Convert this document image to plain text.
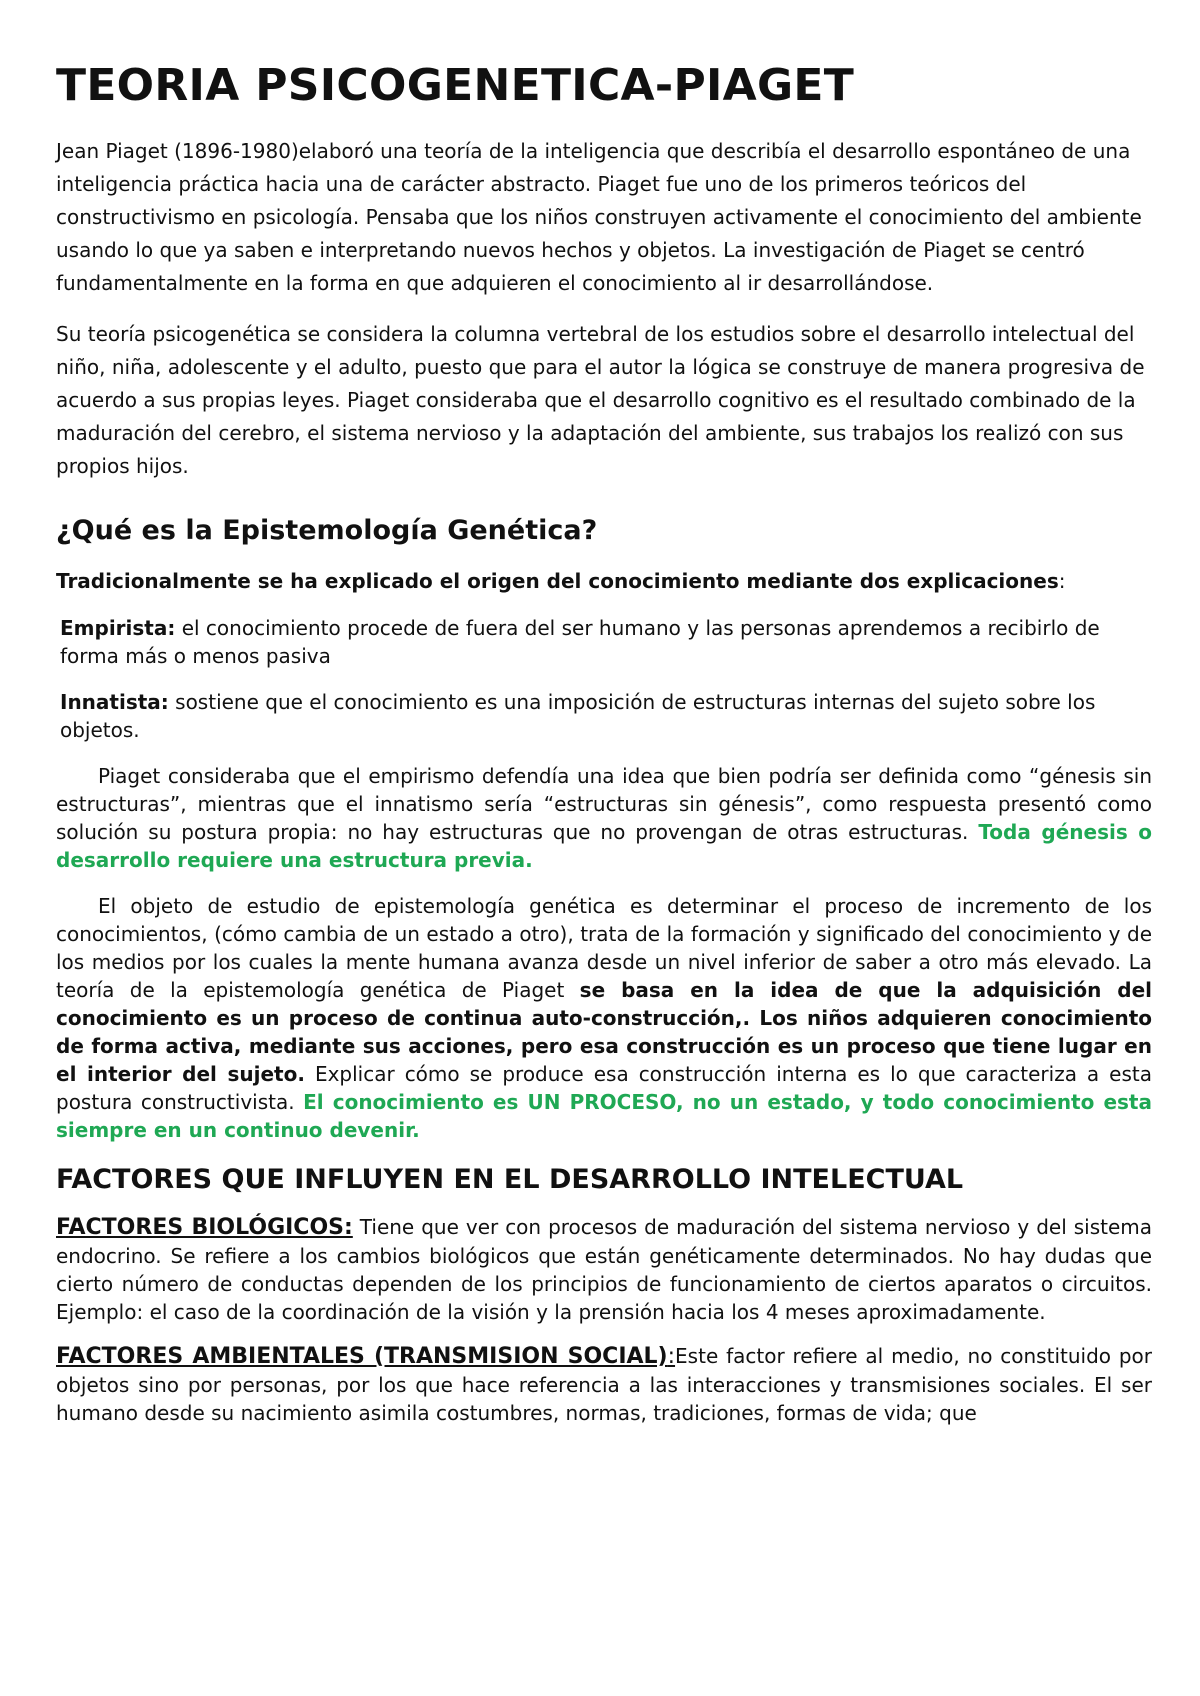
TEORIA PSICOGENETICA-PIAGET

Jean Piaget (1896-1980)elaboró una teoría de la inteligencia que describía el desarrollo espontáneo de una inteligencia práctica hacia una de carácter abstracto. Piaget fue uno de los primeros teóricos del constructivismo en psicología. Pensaba que los niños construyen activamente el conocimiento del ambiente usando lo que ya saben e interpretando nuevos hechos y objetos. La investigación de Piaget se centró fundamentalmente en la forma en que adquieren el conocimiento al ir desarrollándose.

Su teoría psicogenética se considera la columna vertebral de los estudios sobre el desarrollo intelectual del niño, niña, adolescente y el adulto, puesto que para el autor la lógica se construye de manera progresiva de acuerdo a sus propias leyes. Piaget consideraba que el desarrollo cognitivo es el resultado combinado de la maduración del cerebro, el sistema nervioso y la adaptación del ambiente, sus trabajos los realizó con sus propios hijos.

¿Qué es la Epistemología Genética?

Tradicionalmente se ha explicado el origen del conocimiento mediante dos explicaciones:

Empirista: el conocimiento procede de fuera del ser humano y las personas aprendemos a recibirlo de forma más o menos pasiva

Innatista: sostiene que el conocimiento es una imposición de estructuras internas del sujeto sobre los objetos.

Piaget consideraba que el empirismo defendía una idea que bien podría ser definida como “génesis sin estructuras”, mientras que el innatismo sería “estructuras sin génesis”, como respuesta presentó como solución su postura propia: no hay estructuras que no provengan de otras estructuras. Toda génesis o desarrollo requiere una estructura previa.

El objeto de estudio de epistemología genética es determinar el proceso de incremento de los conocimientos, (cómo cambia de un estado a otro), trata de la formación y significado del conocimiento y de los medios por los cuales la mente humana avanza desde un nivel inferior de saber a otro más elevado. La teoría de la epistemología genética de Piaget se basa en la idea de que la adquisición del conocimiento es un proceso de continua auto-construcción,. Los niños adquieren conocimiento de forma activa, mediante sus acciones, pero esa construcción es un proceso que tiene lugar en el interior del sujeto. Explicar cómo se produce esa construcción interna es lo que caracteriza a esta postura constructivista. El conocimiento es UN PROCESO, no un estado, y todo conocimiento esta siempre en un continuo devenir.

FACTORES QUE INFLUYEN EN EL DESARROLLO INTELECTUAL

FACTORES BIOLÓGICOS: Tiene que ver con procesos de maduración del sistema nervioso y del sistema endocrino. Se refiere a los cambios biológicos que están genéticamente determinados. No hay dudas que cierto número de conductas dependen de los principios de funcionamiento de ciertos aparatos o circuitos. Ejemplo: el caso de la coordinación de la visión y la prensión hacia los 4 meses aproximadamente.

FACTORES AMBIENTALES (TRANSMISION SOCIAL):Este factor refiere al medio, no constituido por objetos sino por personas, por los que hace referencia a las interacciones y transmisiones sociales. El ser humano desde su nacimiento asimila costumbres, normas, tradiciones, formas de vida; que
